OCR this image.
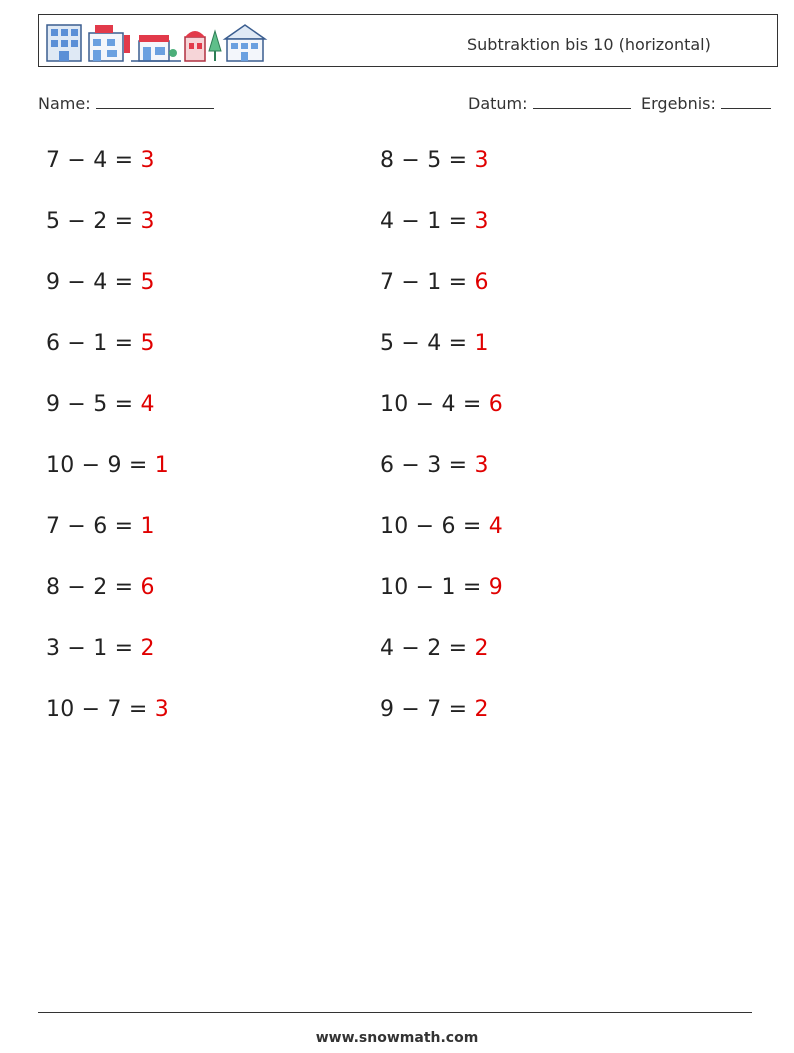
Subtraktion bis 10 (horizontal)
Name:	Datum:	Ergebnis:
7 − 4 = 3	8 − 5 = 3
5 − 2 = 3	4 − 1 = 3
9 − 4 = 5	7 − 1 = 6
6 − 1 = 5	5 − 4 = 1
9 − 5 = 4	10 − 4 = 6
10 − 9 = 1	6 − 3 = 3
7 − 6 = 1	10 − 6 = 4
8 − 2 = 6	10 − 1 = 9
3 − 1 = 2	4 − 2 = 2
10 − 7 = 3	9 − 7 = 2
www.snowmath.com
